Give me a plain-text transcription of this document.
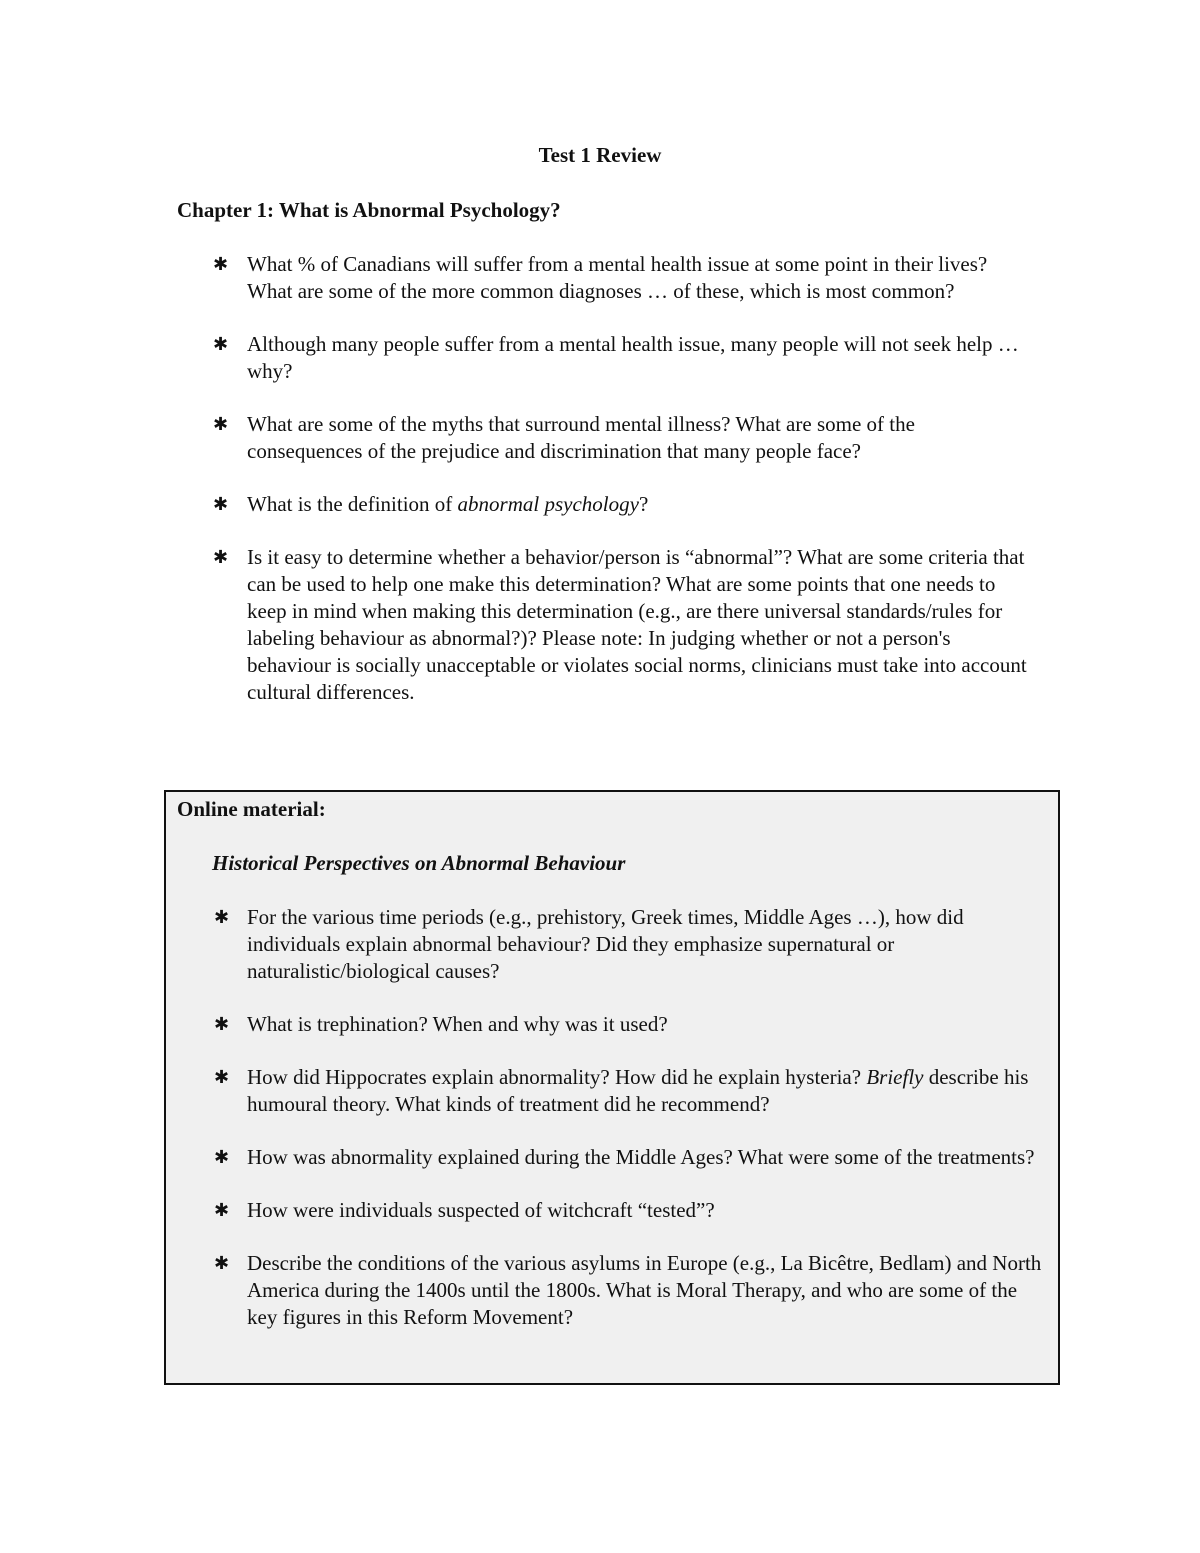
Test 1 Review
Chapter 1: What is Abnormal Psychology?
✱ What % of Canadians will suffer from a mental health issue at some point in their lives? What are some of the more common diagnoses … of these, which is most common?
✱ Although many people suffer from a mental health issue, many people will not seek help … why?
✱ What are some of the myths that surround mental illness? What are some of the consequences of the prejudice and discrimination that many people face?
✱ What is the definition of abnormal psychology?
✱ Is it easy to determine whether a behavior/person is “abnormal”? What are some criteria that can be used to help one make this determination? What are some points that one needs to keep in mind when making this determination (e.g., are there universal standards/rules for labeling behaviour as abnormal?)? Please note: In judging whether or not a person's behaviour is socially unacceptable or violates social norms, clinicians must take into account cultural differences.
Online material:
Historical Perspectives on Abnormal Behaviour
✱ For the various time periods (e.g., prehistory, Greek times, Middle Ages …), how did individuals explain abnormal behaviour? Did they emphasize supernatural or naturalistic/biological causes?
✱ What is trephination? When and why was it used?
✱ How did Hippocrates explain abnormality? How did he explain hysteria? Briefly describe his humoural theory. What kinds of treatment did he recommend?
✱ How was abnormality explained during the Middle Ages? What were some of the treatments?
✱ How were individuals suspected of witchcraft “tested”?
✱ Describe the conditions of the various asylums in Europe (e.g., La Bicêtre, Bedlam) and North America during the 1400s until the 1800s. What is Moral Therapy, and who are some of the key figures in this Reform Movement?
